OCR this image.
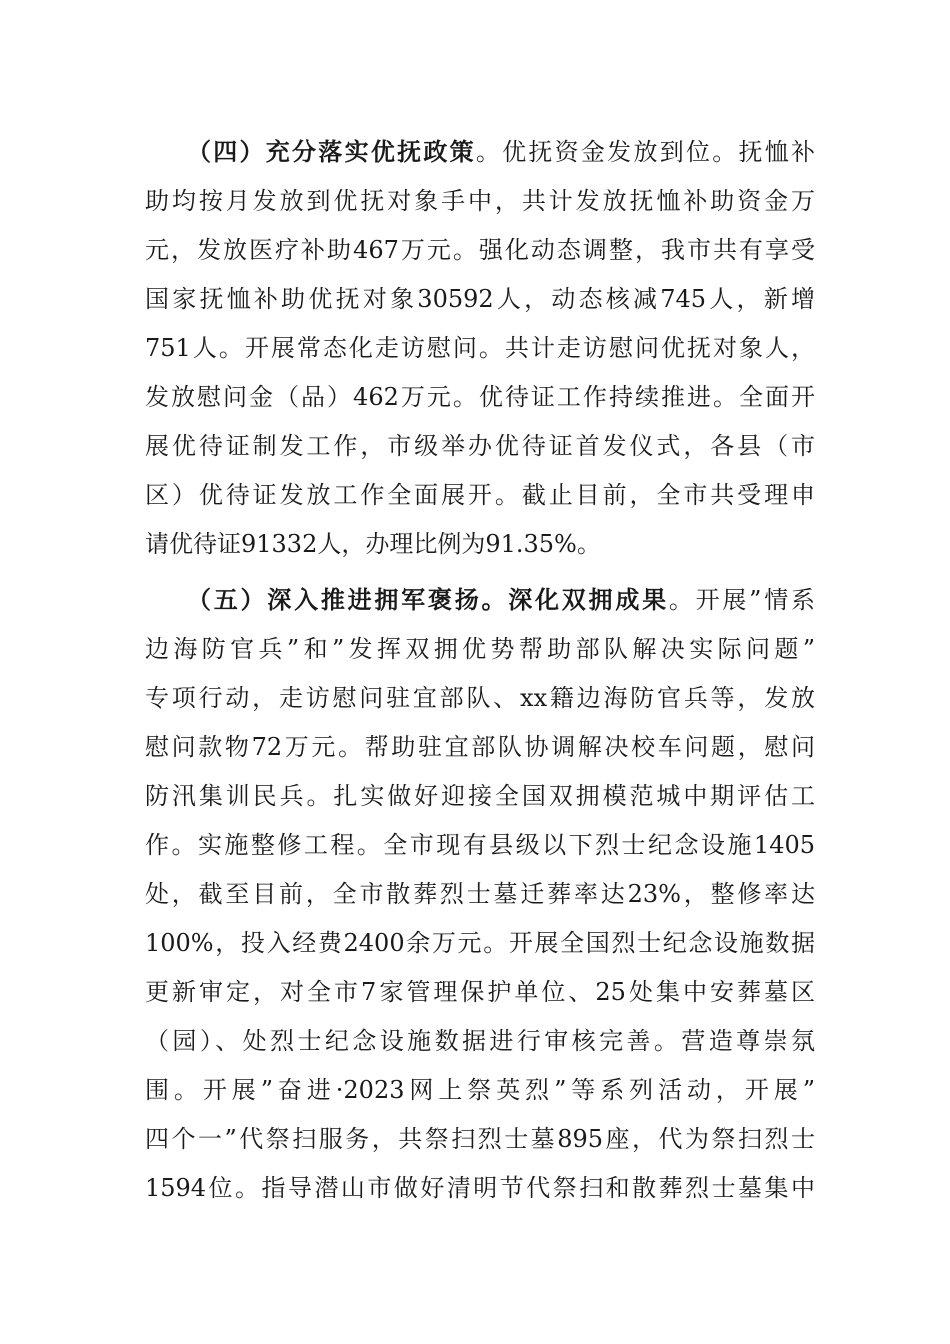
（四）充分落实优抚政策。优抚资金发放到位。抚恤补
助均按月发放到优抚对象手中，共计发放抚恤补助资金万
元，发放医疗补助467万元。强化动态调整，我市共有享受
国家抚恤补助优抚对象30592人，动态核减745人，新增
751人。开展常态化走访慰问。共计走访慰问优抚对象人，
发放慰问金（品）462万元。优待证工作持续推进。全面开
展优待证制发工作，市级举办优待证首发仪式，各县（市
区）优待证发放工作全面展开。截止目前，全市共受理申
请优待证91332人，办理比例为91.35%。
（五）深入推进拥军褒扬。深化双拥成果。开展”情系
边海防官兵”和”发挥双拥优势帮助部队解决实际问题”
专项行动，走访慰问驻宜部队、xx籍边海防官兵等，发放
慰问款物72万元。帮助驻宜部队协调解决校车问题，慰问
防汛集训民兵。扎实做好迎接全国双拥模范城中期评估工
作。实施整修工程。全市现有县级以下烈士纪念设施1405
处，截至目前，全市散葬烈士墓迁葬率达23%，整修率达
100%，投入经费2400余万元。开展全国烈士纪念设施数据
更新审定，对全市7家管理保护单位、25处集中安葬墓区
（园）、处烈士纪念设施数据进行审核完善。营造尊崇氛
围。开展”奋进·2023网上祭英烈”等系列活动，开展”
四个一”代祭扫服务，共祭扫烈士墓895座，代为祭扫烈士
1594位。指导潜山市做好清明节代祭扫和散葬烈士墓集中
